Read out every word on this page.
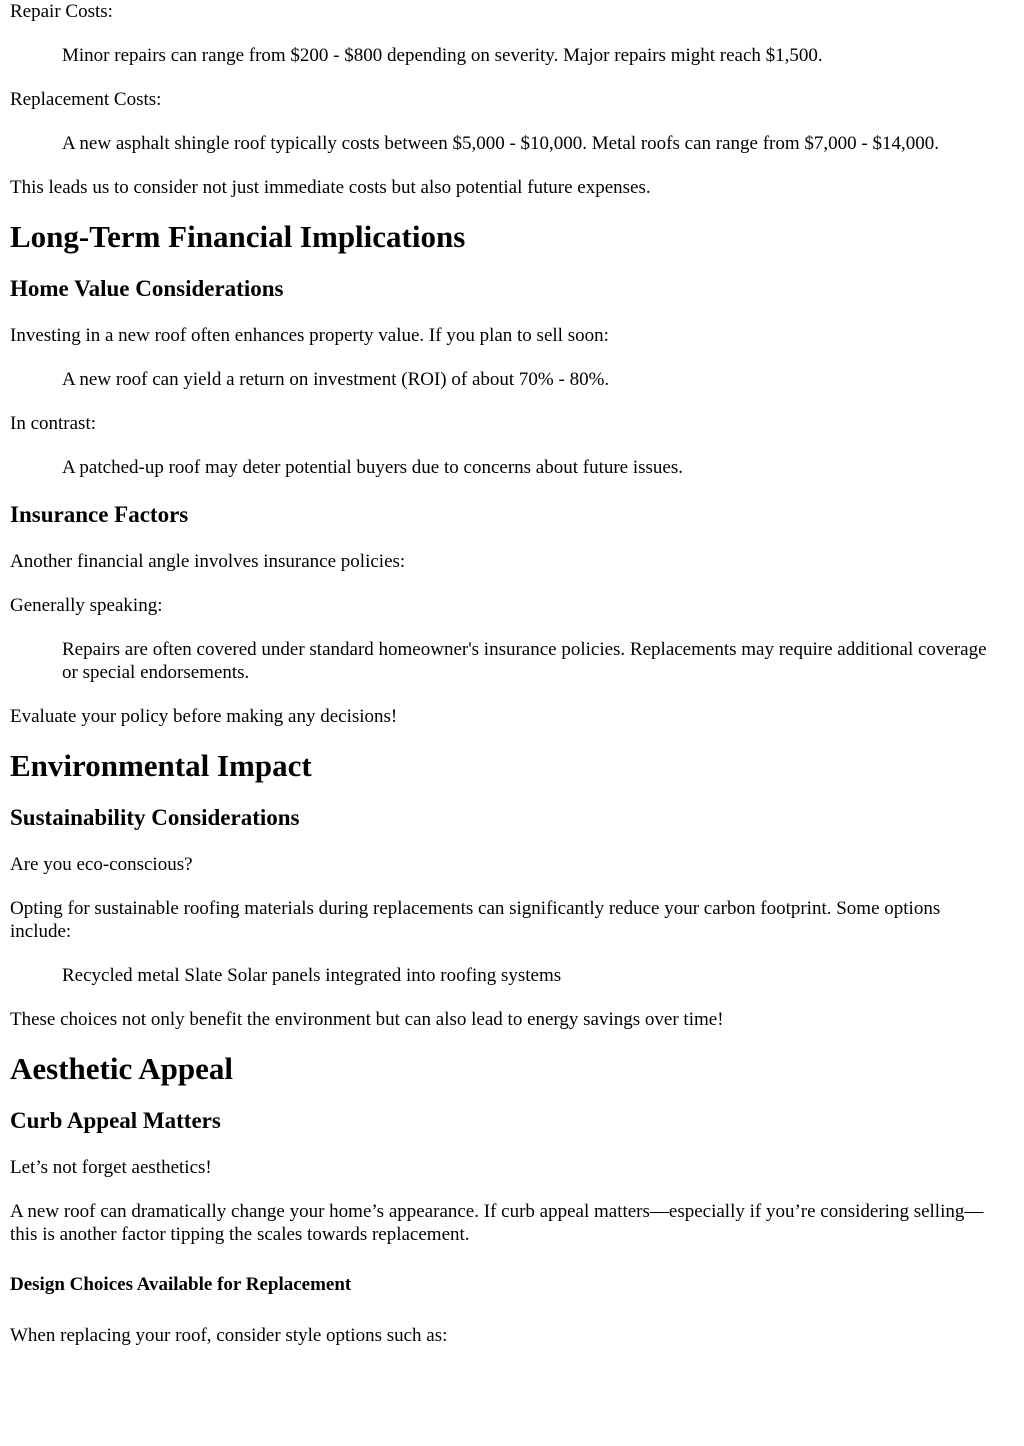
Repair Costs:

Minor repairs can range from $200 - $800 depending on severity. Major repairs might reach $1,500.

Replacement Costs:

A new asphalt shingle roof typically costs between $5,000 - $10,000. Metal roofs can range from $7,000 - $14,000.

This leads us to consider not just immediate costs but also potential future expenses.

Long-Term Financial Implications
Home Value Considerations

Investing in a new roof often enhances property value. If you plan to sell soon:

A new roof can yield a return on investment (ROI) of about 70% - 80%.

In contrast:

A patched-up roof may deter potential buyers due to concerns about future issues.

Insurance Factors

Another financial angle involves insurance policies:

Generally speaking:

Repairs are often covered under standard homeowner's insurance policies. Replacements may require additional coverage or special endorsements.

Evaluate your policy before making any decisions!

Environmental Impact
Sustainability Considerations

Are you eco-conscious?

Opting for sustainable roofing materials during replacements can significantly reduce your carbon footprint. Some options include:

Recycled metal Slate Solar panels integrated into roofing systems

These choices not only benefit the environment but can also lead to energy savings over time!

Aesthetic Appeal
Curb Appeal Matters

Let’s not forget aesthetics!

A new roof can dramatically change your home’s appearance. If curb appeal matters—especially if you’re considering selling—this is another factor tipping the scales towards replacement.

Design Choices Available for Replacement

When replacing your roof, consider style options such as:
